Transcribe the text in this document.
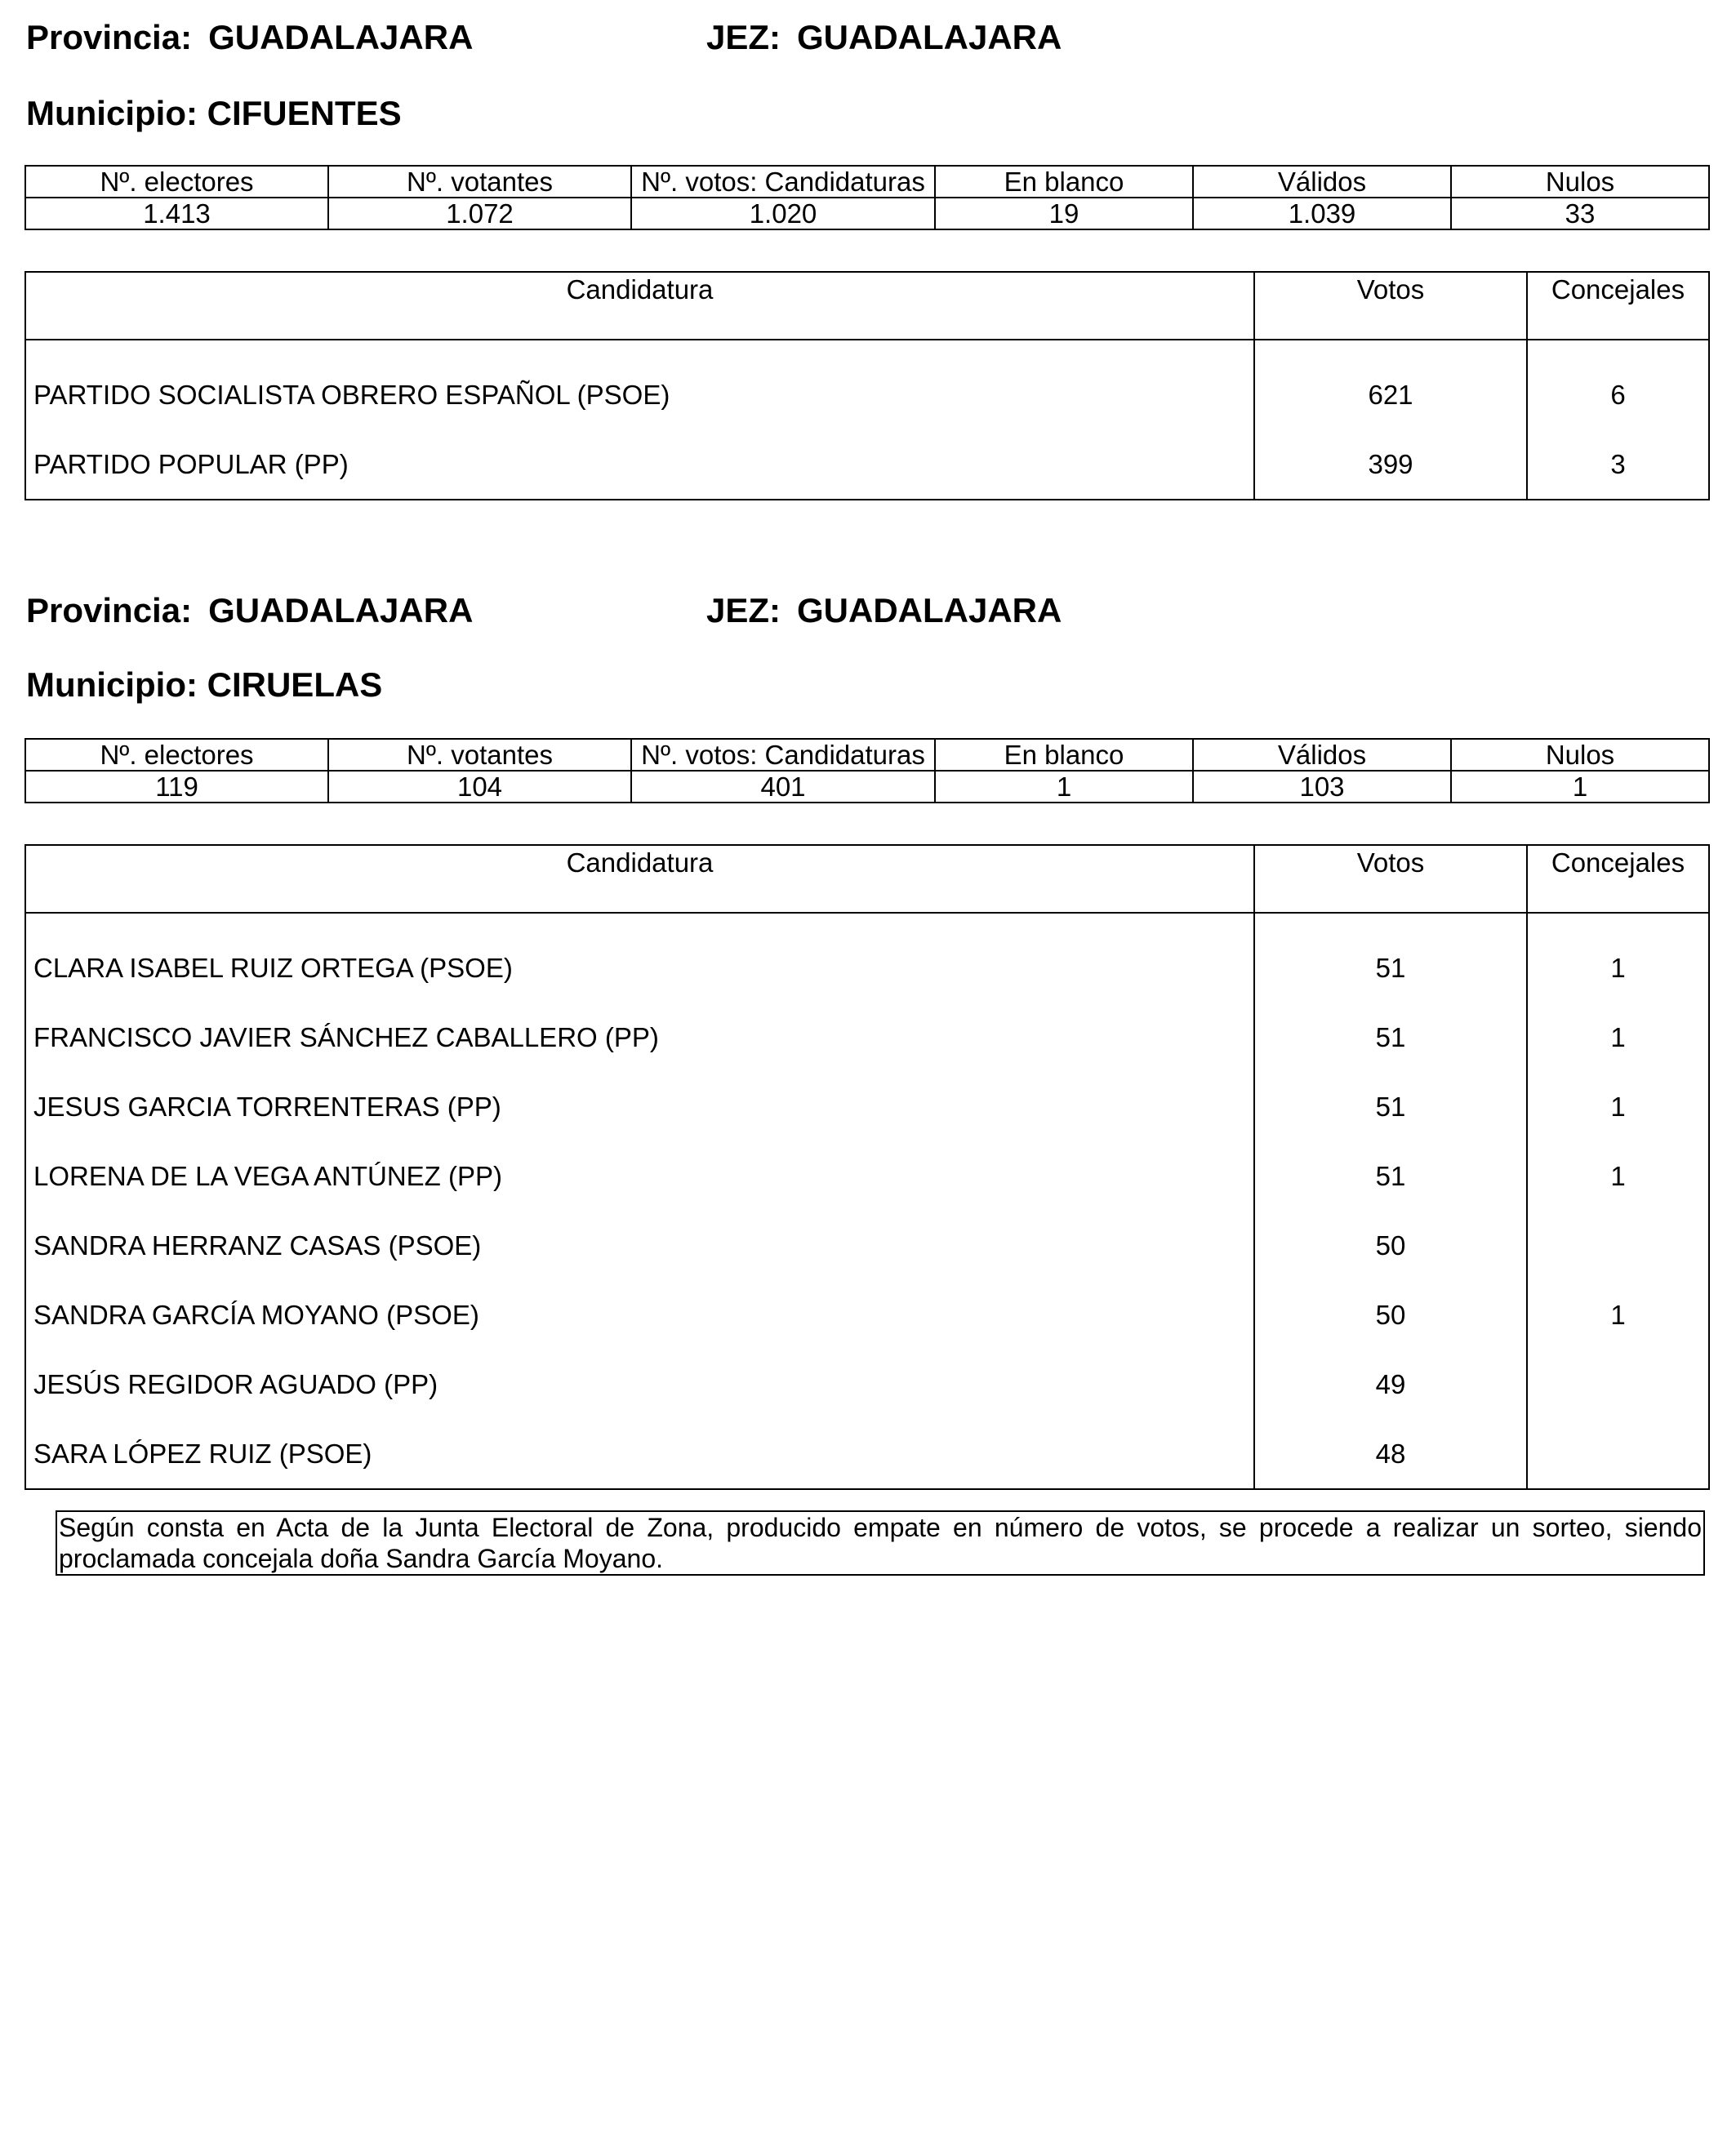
Provincia: GUADALAJARA	JEZ: GUADALAJARA
Municipio: CIFUENTES
Nº. electores	Nº. votantes	Nº. votos: Candidaturas	En blanco	Válidos	Nulos
1.413	1.072	1.020	19	1.039	33
Candidatura	Votos	Concejales
PARTIDO SOCIALISTA OBRERO ESPAÑOL (PSOE)	621	6
PARTIDO POPULAR (PP)	399	3
Provincia: GUADALAJARA	JEZ: GUADALAJARA
Municipio: CIRUELAS
Nº. electores	Nº. votantes	Nº. votos: Candidaturas	En blanco	Válidos	Nulos
119	104	401	1	103	1
Candidatura	Votos	Concejales
CLARA ISABEL RUIZ ORTEGA (PSOE)	51	1
FRANCISCO JAVIER SÁNCHEZ CABALLERO (PP)	51	1
JESUS GARCIA TORRENTERAS (PP)	51	1
LORENA DE LA VEGA ANTÚNEZ (PP)	51	1
SANDRA HERRANZ CASAS (PSOE)	50	
SANDRA GARCÍA MOYANO (PSOE)	50	1
JESÚS REGIDOR AGUADO (PP)	49	
SARA LÓPEZ RUIZ (PSOE)	48	
Según consta en Acta de la Junta Electoral de Zona, producido empate en número de votos, se procede a realizar un sorteo, siendo proclamada concejala doña Sandra García Moyano.
